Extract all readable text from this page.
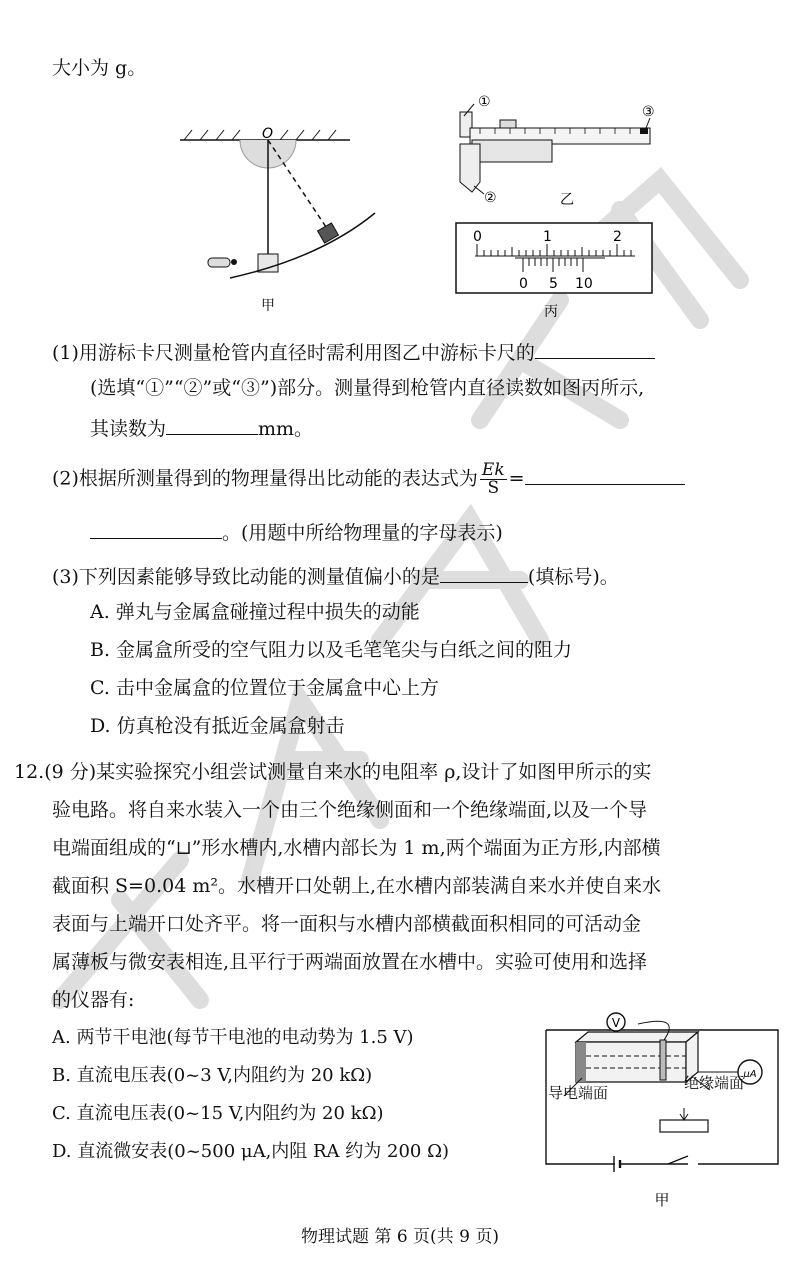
大小为 g。
O
甲
①
②
③
乙
0	1	2
0 5 10
丙
(1)用游标卡尺测量枪管内直径时需利用图乙中游标卡尺的
(选填“①”“②”或“③”)部分。测量得到枪管内直径读数如图丙所示,
其读数为	mm。
(2)根据所测量得到的物理量得出比动能的表达式为 $\frac{Ek}{S}$ =
。(用题中所给物理量的字母表示)
(3)下列因素能够导致比动能的测量值偏小的是	(填标号)。
A. 弹丸与金属盒碰撞过程中损失的动能
B. 金属盒所受的空气阻力以及毛笔笔尖与白纸之间的阻力
C. 击中金属盒的位置位于金属盒中心上方
D. 仿真枪没有抵近金属盒射击
12.(9 分)某实验探究小组尝试测量自来水的电阻率 ρ,设计了如图甲所示的实
验电路。将自来水装入一个由三个绝缘侧面和一个绝缘端面,以及一个导
电端面组成的“⊔”形水槽内,水槽内部长为 1 m,两个端面为正方形,内部横
截面积 S=0.04 m²。水槽开口处朝上,在水槽内部装满自来水并使自来水
表面与上端开口处齐平。将一面积与水槽内部横截面积相同的可活动金
属薄板与微安表相连,且平行于两端面放置在水槽中。实验可使用和选择
的仪器有:
A. 两节干电池(每节干电池的电动势为 1.5 V)
B. 直流电压表(0~3 V,内阻约为 20 kΩ)
C. 直流电压表(0~15 V,内阻约为 20 kΩ)
D. 直流微安表(0~500 μA,内阻 RA 约为 200 Ω)
V
μA
甲
导电端面
绝缘端面
物理试题 第 6 页(共 9 页)
